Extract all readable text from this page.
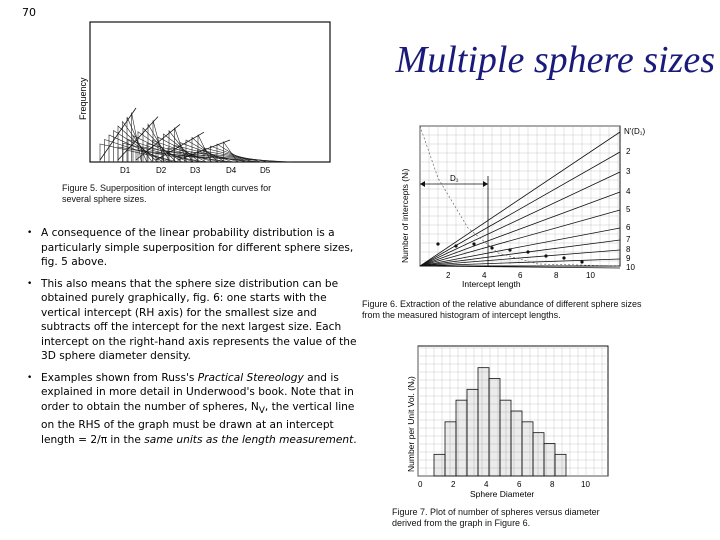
70
Multiple sphere sizes
Frequency
D1	D2	D3	D4	D5
Figure 5. Superposition of intercept length curves for
several sphere sizes.	Number of intercepts (Nₗ)	D₁
2	4	6	8	10
Intercept length
N'(D₁)
2
3
4
5
6
7
8
9
10
Figure 6. Extraction of the relative abundance of different sphere sizes
from the measured histogram of intercept lengths.
Number per Unit Vol. (Nᵥ)
0	2	4	6	8	10
Sphere Diameter
Figure 7. Plot of number of spheres versus diameter
derived from the graph in Figure 6.
• A consequence of the linear probability distribution is a particularly simple superposition for different sphere sizes, fig. 5 above.
• This also means that the sphere size distribution can be obtained purely graphically, fig. 6: one starts with the vertical intercept (RH axis) for the smallest size and subtracts off the intercept for the next largest size. Each intercept on the right-hand axis represents the value of the 3D sphere diameter density.
• Examples shown from Russ's Practical Stereology and is explained in more detail in Underwood's book. Note that in order to obtain the number of spheres, $N_V$, the vertical line on the RHS of the graph must be drawn at an intercept length = 2/π in the same units as the length measurement.
